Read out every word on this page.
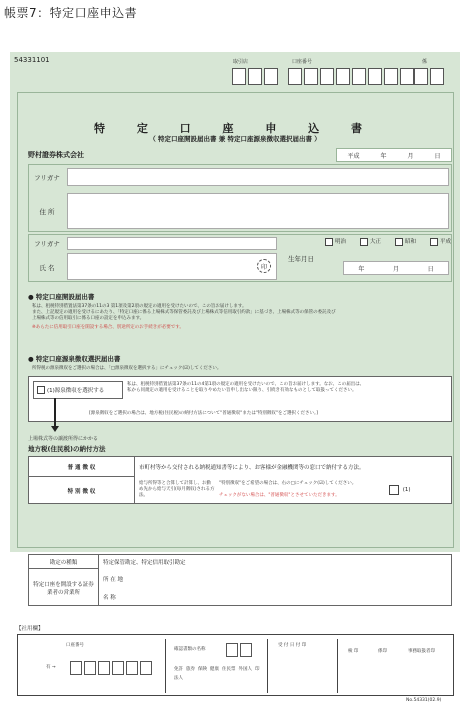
帳票7：特定口座申込書
54331101	取引店	口座番号	係
特 定 口 座 申 込 書
（ 特定口座開設届出書 兼 特定口座源泉徴収選択届出書 ）
野村證券株式会社	平成	年	月	日
フリガナ
住 所
フリガナ
氏 名	印
生年月日
明治	大正	昭和	平成
年	月	日
● 特定口座開設届出書
私は、租税特別措置法第37条の11の3 第1項及第2項の規定の適用を受けたいので、この旨お届けします。
また、上記規定の適用を受けるにあたり、「特定口座に係る上場株式等保管委託及び上場株式等信用取引約款」に基づき、上場株式等の保管の委託及び
上場株式等の信用取引に係る口座の設定を申込みます。
※あらたに信用取引口座を開設する場合、別途所定のお手続きが必要です。
● 特定口座源泉徴収選択届出書
所得税の源泉徴収をご選択の場合は、「□源泉徴収を選択する」にチェック(☑)してください。
(1)源泉徴収を選択する
私は、租税特別措置法第37条の11の4第1項の規定の適用を受けたいので、この旨お届けします。なお、この届出は、
私から同規定の適用を受けることを取りやめたい旨申し出ない限り、引続き有効なものとして取扱ってください。
[源泉徴収をご選択の場合は、地方税(住民税)の納付方法について"普通徴収"または"特別徴収"をご選択ください。]
上場株式等の譲渡所得にかかる
地方税(住民税)の納付方法
普 通 徴 収	市町村等から交付される納税通知書等により、お客様が金融機関等の窓口で納付する方法。
特 別 徴 収
給与所得等と合算して計算し、お勤め先から給与天引(毎月徴収)される方法。
"特別徴収"をご希望の場合は、右の□にチェック(☑)してください。
チェックがない場合は、"普通徴収"とさせていただきます。

(1)
勘定の種類	特定保管勘定、特定信用取引勘定
特定口座を開設する証券業者の営業所
所 在 地
名 称
【社用欄】
口座番号
有 →
確認書類の名称
免許 旅券 保険 健康 住民票 外国人 印
法人
受 付 日 付 印
検 印	係印	事務取扱者印
No.54331(02.9)
